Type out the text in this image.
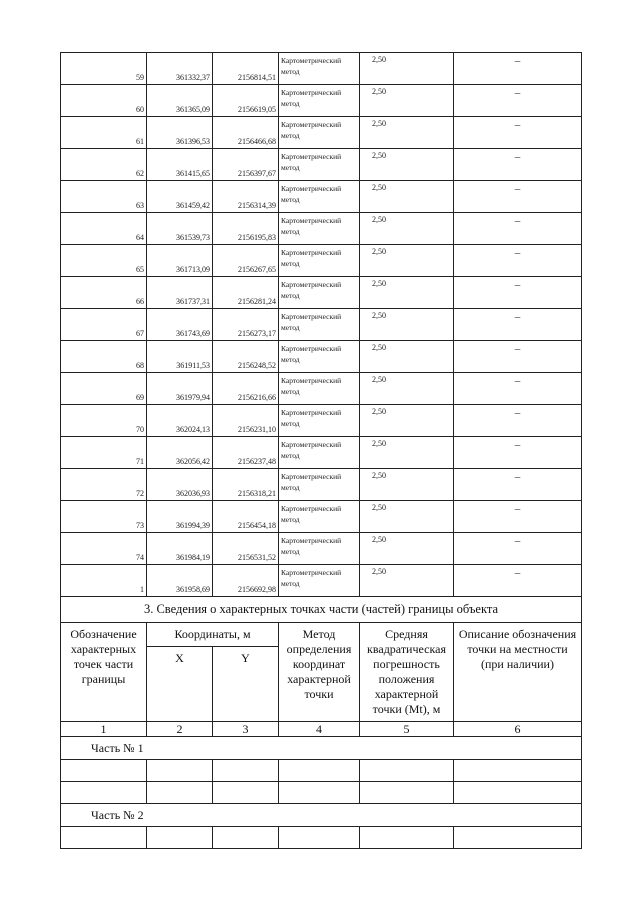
59	361332,37	2156814,51	Картометрический метод	2,50	–
60	361365,09	2156619,05	Картометрический метод	2,50	–
61	361396,53	2156466,68	Картометрический метод	2,50	–
62	361415,65	2156397,67	Картометрический метод	2,50	–
63	361459,42	2156314,39	Картометрический метод	2,50	–
64	361539,73	2156195,83	Картометрический метод	2,50	–
65	361713,09	2156267,65	Картометрический метод	2,50	–
66	361737,31	2156281,24	Картометрический метод	2,50	–
67	361743,69	2156273,17	Картометрический метод	2,50	–
68	361911,53	2156248,52	Картометрический метод	2,50	–
69	361979,94	2156216,66	Картометрический метод	2,50	–
70	362024,13	2156231,10	Картометрический метод	2,50	–
71	362056,42	2156237,48	Картометрический метод	2,50	–
72	362036,93	2156318,21	Картометрический метод	2,50	–
73	361994,39	2156454,18	Картометрический метод	2,50	–
74	361984,19	2156531,52	Картометрический метод	2,50	–
1	361958,69	2156692,98	Картометрический метод	2,50	–
3. Сведения о характерных точках части (частей) границы объекта					
Обозначение характерных точек части границы	Координаты, м		Метод определения координат характерной точки	Средняя квадратическая погрешность положения характерной точки (Mt), м	Описание обозначения точки на местности (при наличии)
	X	Y			
1	2	3	4	5	6
Часть № 1					

Часть № 2					
